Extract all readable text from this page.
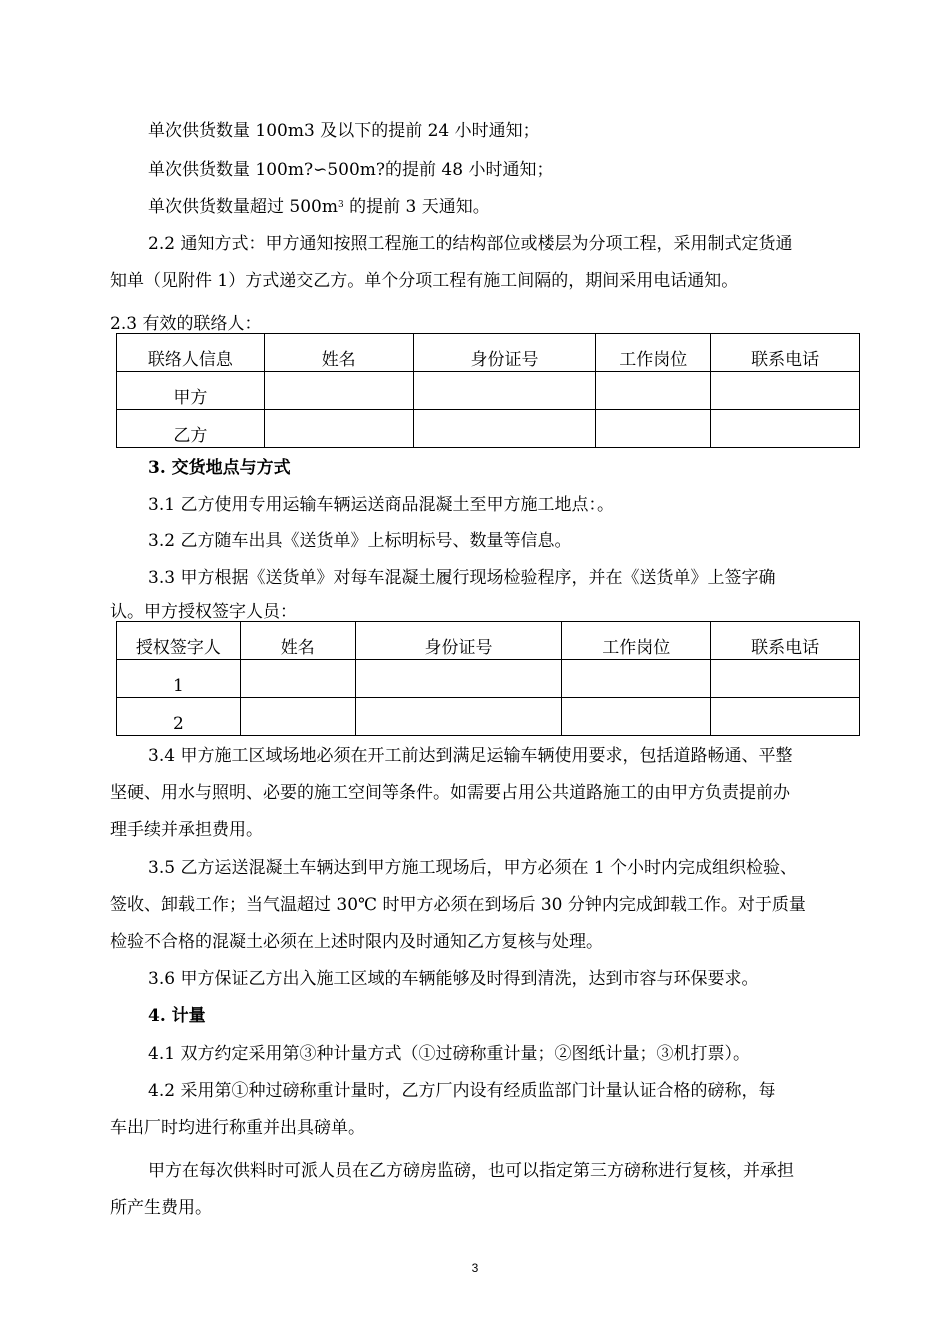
单次供货数量 100m3 及以下的提前 24 小时通知；
单次供货数量 100m?∽500m?的提前 48 小时通知；
单次供货数量超过 $500m^3$ 的提前 3 天通知。
2.2 通知方式：甲方通知按照工程施工的结构部位或楼层为分项工程，采用制式定货通
知单（见附件 1）方式递交乙方。单个分项工程有施工间隔的，期间采用电话通知。
2.3 有效的联络人：
联络人信息	姓名	身份证号	工作岗位	联系电话
甲方				
乙方				
3. 交货地点与方式
3.1 乙方使用专用运输车辆运送商品混凝土至甲方施工地点：。
3.2 乙方随车出具《送货单》上标明标号、数量等信息。
3.3 甲方根据《送货单》对每车混凝土履行现场检验程序，并在《送货单》上签字确
认。甲方授权签字人员：
授权签字人	姓名	身份证号	工作岗位	联系电话
1				
2				
3.4 甲方施工区域场地必须在开工前达到满足运输车辆使用要求，包括道路畅通、平整
坚硬、用水与照明、必要的施工空间等条件。如需要占用公共道路施工的由甲方负责提前办
理手续并承担费用。
3.5 乙方运送混凝土车辆达到甲方施工现场后，甲方必须在 1 个小时内完成组织检验、
签收、卸载工作；当气温超过 30℃ 时甲方必须在到场后 30 分钟内完成卸载工作。对于质量
检验不合格的混凝土必须在上述时限内及时通知乙方复核与处理。
3.6 甲方保证乙方出入施工区域的车辆能够及时得到清洗，达到市容与环保要求。
4. 计量
4.1 双方约定采用第③种计量方式（①过磅称重计量；②图纸计量；③机打票）。
4.2 采用第①种过磅称重计量时，乙方厂内设有经质监部门计量认证合格的磅称，每
车出厂时均进行称重并出具磅单。
甲方在每次供料时可派人员在乙方磅房监磅，也可以指定第三方磅称进行复核，并承担
所产生费用。
3
